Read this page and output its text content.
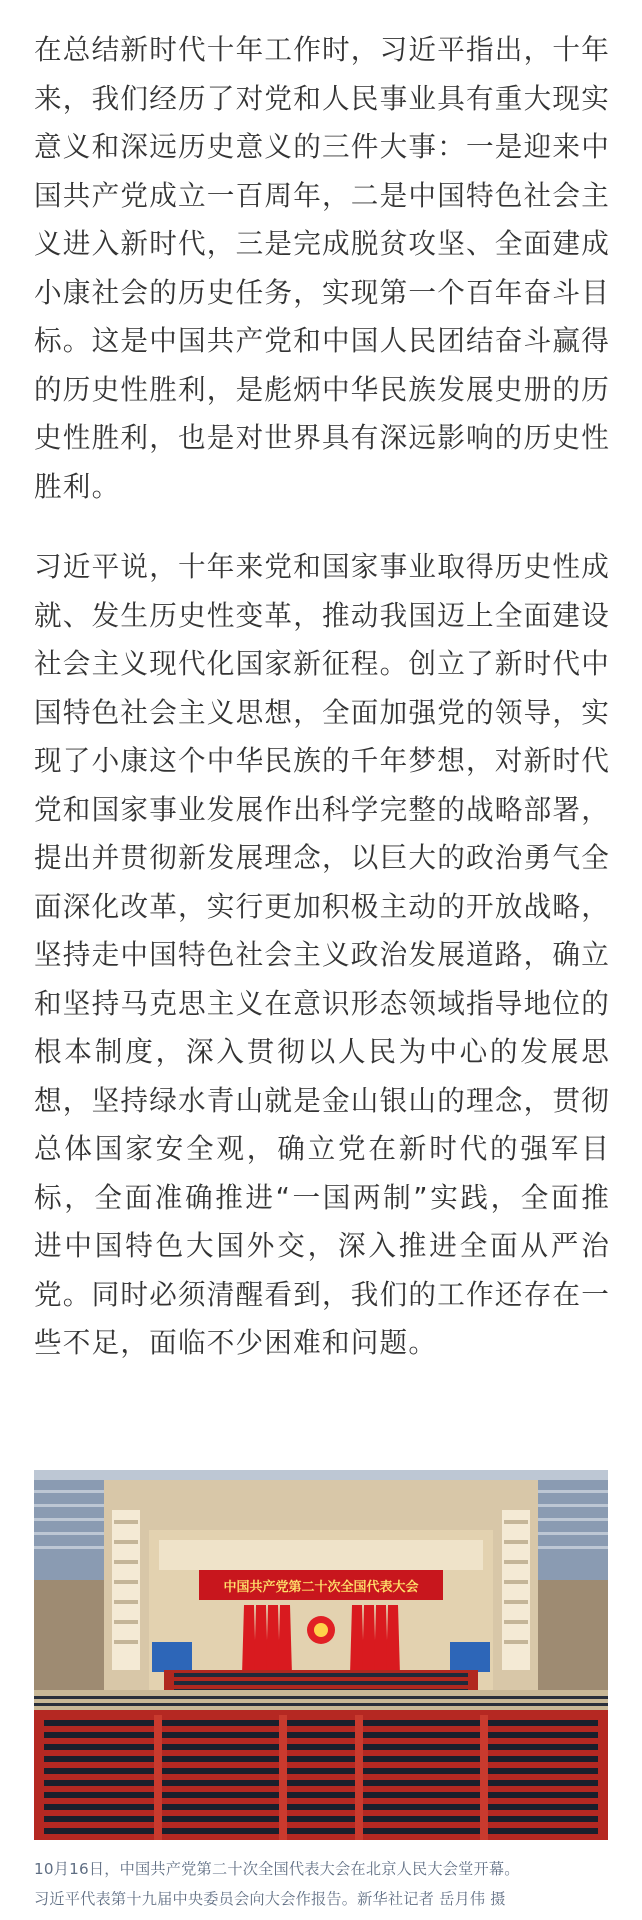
在总结新时代十年工作时，习近平指出，十年来，我们经历了对党和人民事业具有重大现实意义和深远历史意义的三件大事：一是迎来中国共产党成立一百周年，二是中国特色社会主义进入新时代，三是完成脱贫攻坚、全面建成小康社会的历史任务，实现第一个百年奋斗目标。这是中国共产党和中国人民团结奋斗赢得的历史性胜利，是彪炳中华民族发展史册的历史性胜利，也是对世界具有深远影响的历史性胜利。

习近平说，十年来党和国家事业取得历史性成就、发生历史性变革，推动我国迈上全面建设社会主义现代化国家新征程。创立了新时代中国特色社会主义思想，全面加强党的领导，实现了小康这个中华民族的千年梦想，对新时代党和国家事业发展作出科学完整的战略部署，提出并贯彻新发展理念，以巨大的政治勇气全面深化改革，实行更加积极主动的开放战略，坚持走中国特色社会主义政治发展道路，确立和坚持马克思主义在意识形态领域指导地位的根本制度，深入贯彻以人民为中心的发展思想，坚持绿水青山就是金山银山的理念，贯彻总体国家安全观，确立党在新时代的强军目标，全面准确推进“一国两制”实践，全面推进中国特色大国外交，深入推进全面从严治党。同时必须清醒看到，我们的工作还存在一些不足，面临不少困难和问题。

中国共产党第二十次全国代表大会
10月16日，中国共产党第二十次全国代表大会在北京人民大会堂开幕。
习近平代表第十九届中央委员会向大会作报告。新华社记者 岳月伟 摄
